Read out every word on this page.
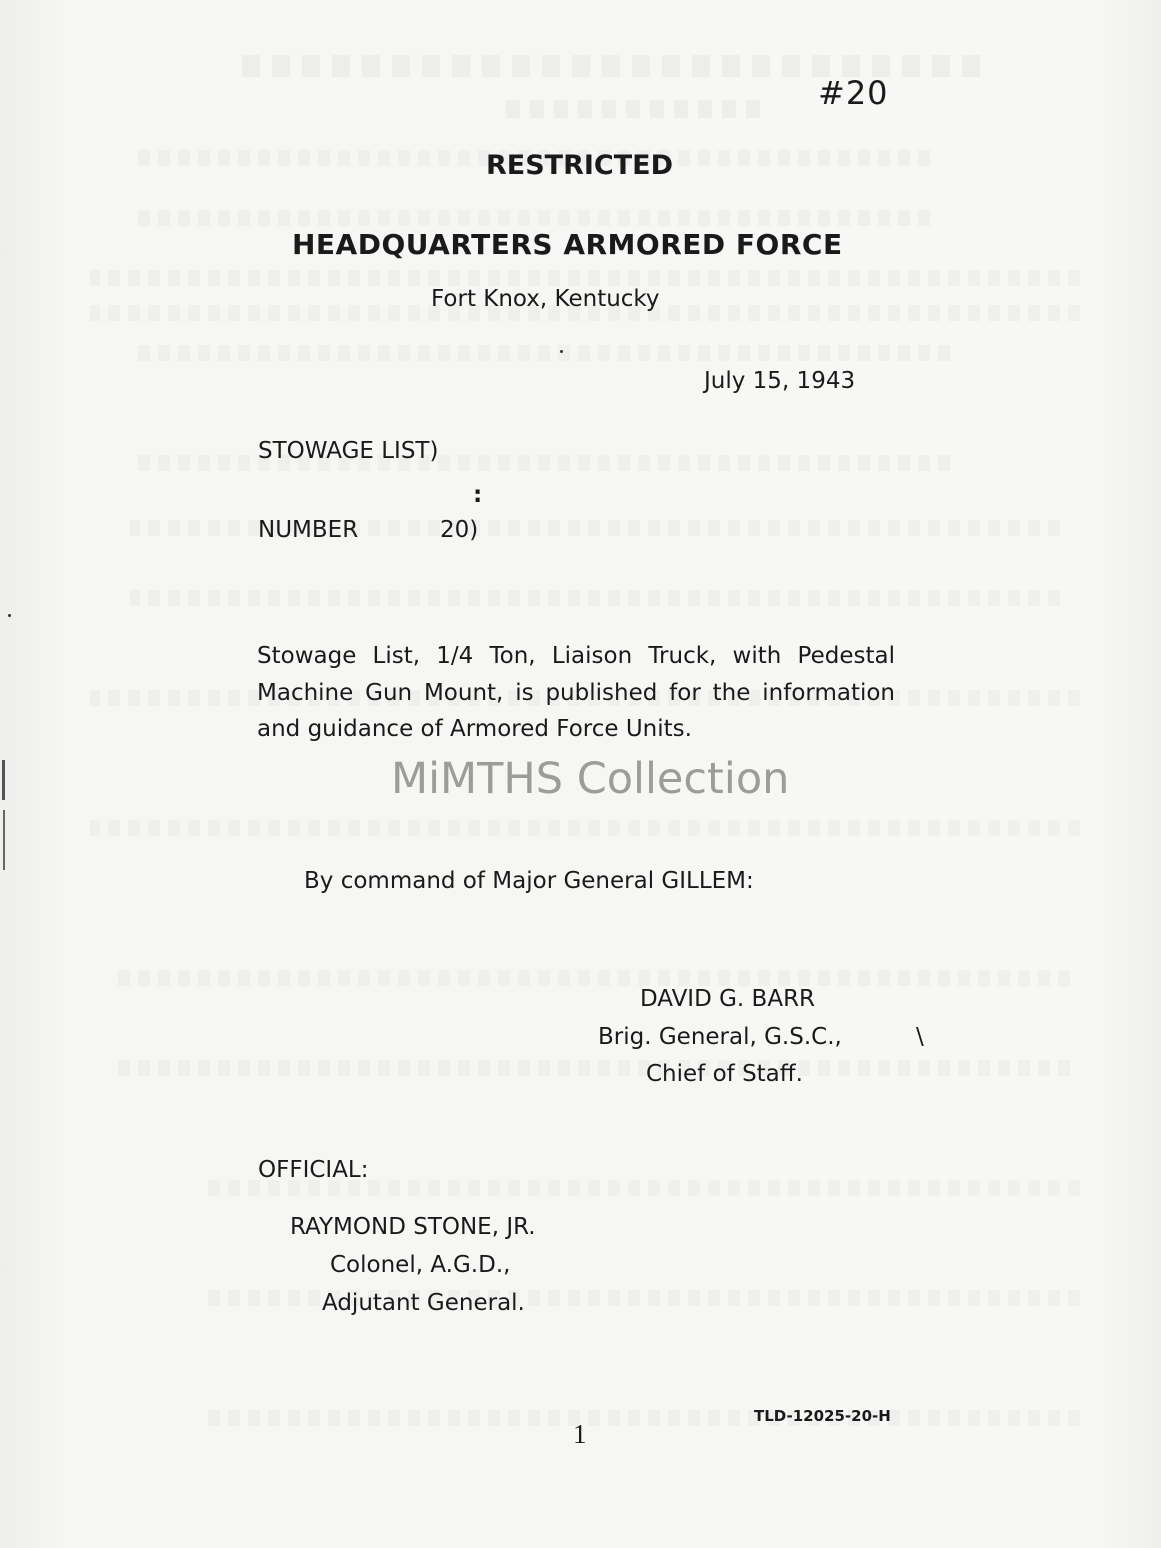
#20
RESTRICTED
HEADQUARTERS ARMORED FORCE
Fort Knox, Kentucky
July 15, 1943
STOWAGE LIST)
:
NUMBER	20)
Stowage List, 1/4 Ton, Liaison Truck, with Pedestal Machine Gun Mount, is published for the information and guidance of Armored Force Units.
By command of Major General GILLEM:
DAVID G. BARR
Brig. General, G.S.C.,	\
Chief of Staff.
OFFICIAL:
RAYMOND STONE, JR.
Colonel, A.G.D.,
Adjutant General.
TLD-12025-20-H
1
MiMTHS Collection
